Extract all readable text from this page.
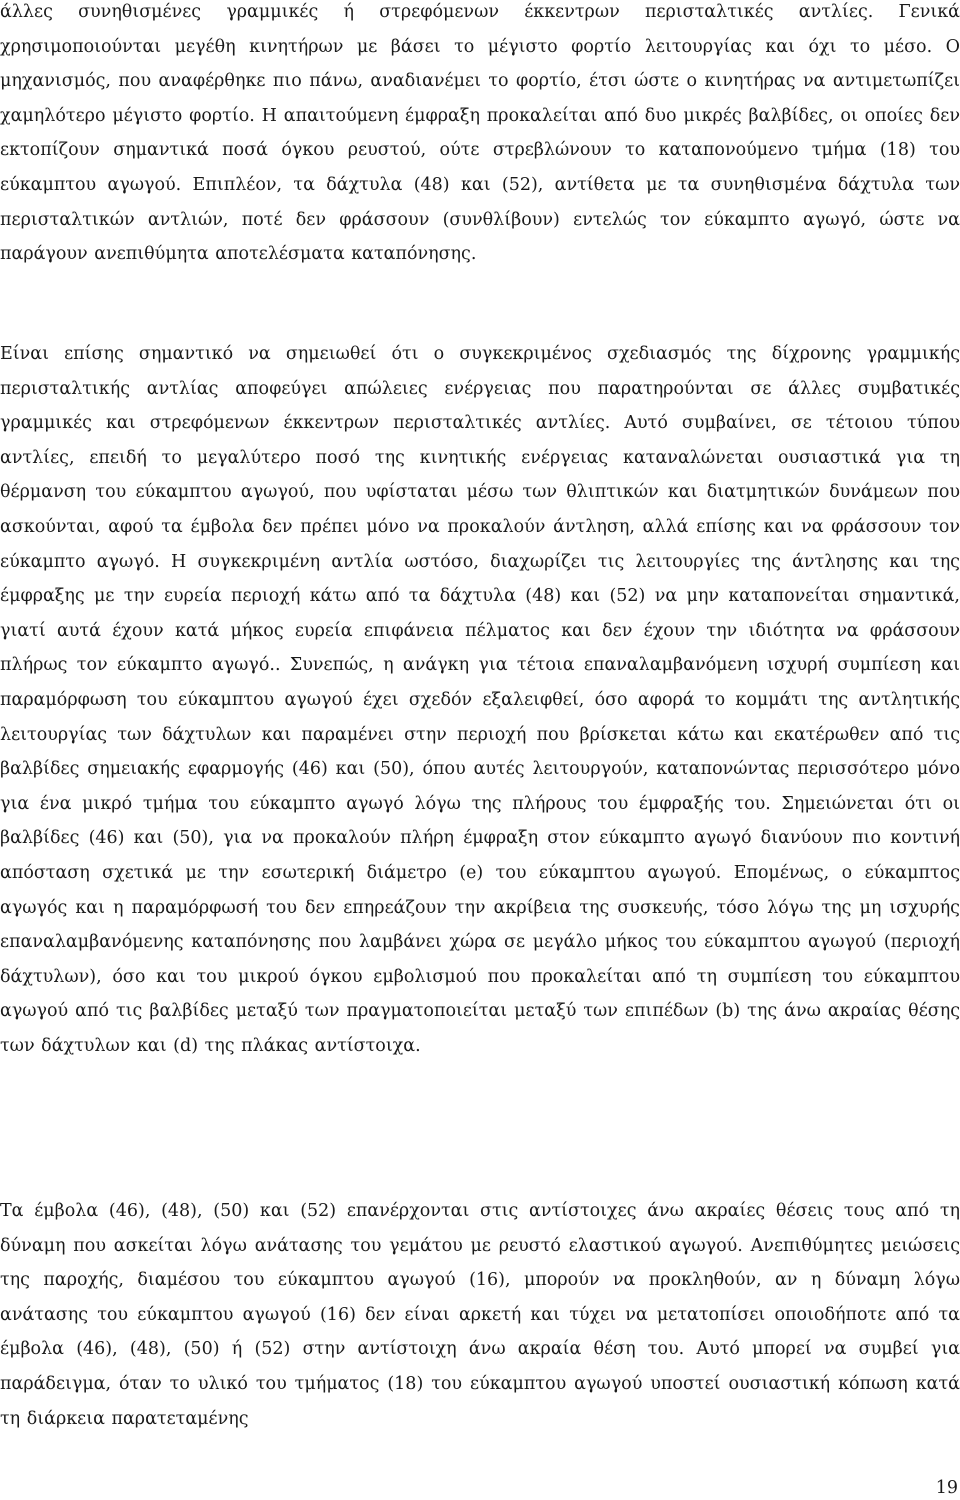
άλλες συνηθισμένες γραμμικές ή στρεφόμενων έκκεντρων περισταλτικές αντλίες. Γενικά χρησιμοποιούνται μεγέθη κινητήρων με βάσει το μέγιστο φορτίο λειτουργίας και όχι το μέσο. Ο μηχανισμός, που αναφέρθηκε πιο πάνω, αναδιανέμει το φορτίο, έτσι ώστε ο κινητήρας να αντιμετωπίζει χαμηλότερο μέγιστο φορτίο. Η απαιτούμενη έμφραξη προκαλείται από δυο μικρές βαλβίδες, οι οποίες δεν εκτοπίζουν σημαντικά ποσά όγκου ρευστού, ούτε στρεβλώνουν το καταπονούμενο τμήμα (18) του εύκαμπτου αγωγού. Επιπλέον, τα δάχτυλα (48) και (52), αντίθετα με τα συνηθισμένα δάχτυλα των περισταλτικών αντλιών, ποτέ δεν φράσσουν (συνθλίβουν) εντελώς τον εύκαμπτο αγωγό, ώστε να παράγουν ανεπιθύμητα αποτελέσματα καταπόνησης.

Είναι επίσης σημαντικό να σημειωθεί ότι ο συγκεκριμένος σχεδιασμός της δίχρονης γραμμικής περισταλτικής αντλίας αποφεύγει απώλειες ενέργειας που παρατηρούνται σε άλλες συμβατικές γραμμικές και στρεφόμενων έκκεντρων περισταλτικές αντλίες. Αυτό συμβαίνει, σε τέτοιου τύπου αντλίες, επειδή το μεγαλύτερο ποσό της κινητικής ενέργειας καταναλώνεται ουσιαστικά για τη θέρμανση του εύκαμπτου αγωγού, που υφίσταται μέσω των θλιπτικών και διατμητικών δυνάμεων που ασκούνται, αφού τα έμβολα δεν πρέπει μόνο να προκαλούν άντληση, αλλά επίσης και να φράσσουν τον εύκαμπτο αγωγό. Η συγκεκριμένη αντλία ωστόσο, διαχωρίζει τις λειτουργίες της άντλησης και της έμφραξης με την ευρεία περιοχή κάτω από τα δάχτυλα (48) και (52) να μην καταπονείται σημαντικά, γιατί αυτά έχουν κατά μήκος ευρεία επιφάνεια πέλματος και δεν έχουν την ιδιότητα να φράσσουν πλήρως τον εύκαμπτο αγωγό.. Συνεπώς, η ανάγκη για τέτοια επαναλαμβανόμενη ισχυρή συμπίεση και παραμόρφωση του εύκαμπτου αγωγού έχει σχεδόν εξαλειφθεί, όσο αφορά το κομμάτι της αντλητικής λειτουργίας των δάχτυλων και παραμένει στην περιοχή που βρίσκεται κάτω και εκατέρωθεν από τις βαλβίδες σημειακής εφαρμογής (46) και (50), όπου αυτές λειτουργούν, καταπονώντας περισσότερο μόνο για ένα μικρό τμήμα του εύκαμπτο αγωγό λόγω της πλήρους του έμφραξής του. Σημειώνεται ότι οι βαλβίδες (46) και (50), για να προκαλούν πλήρη έμφραξη στον εύκαμπτο αγωγό διανύουν πιο κοντινή απόσταση σχετικά με την εσωτερική διάμετρο (e) του εύκαμπτου αγωγού. Επομένως, ο εύκαμπτος αγωγός και η παραμόρφωσή του δεν επηρεάζουν την ακρίβεια της συσκευής, τόσο λόγω της μη ισχυρής επαναλαμβανόμενης καταπόνησης που λαμβάνει χώρα σε μεγάλο μήκος του εύκαμπτου αγωγού (περιοχή δάχτυλων), όσο και του μικρού όγκου εμβολισμού που προκαλείται από τη συμπίεση του εύκαμπτου αγωγού από τις βαλβίδες μεταξύ των πραγματοποιείται μεταξύ των επιπέδων (b) της άνω ακραίας θέσης των δάχτυλων και (d) της πλάκας αντίστοιχα.

Τα έμβολα (46), (48), (50) και (52) επανέρχονται στις αντίστοιχες άνω ακραίες θέσεις τους από τη δύναμη που ασκείται λόγω ανάτασης του γεμάτου με ρευστό ελαστικού αγωγού. Ανεπιθύμητες μειώσεις της παροχής, διαμέσου του εύκαμπτου αγωγού (16), μπορούν να προκληθούν, αν η δύναμη λόγω ανάτασης του εύκαμπτου αγωγού (16) δεν είναι αρκετή και τύχει να μετατοπίσει οποιοδήποτε από τα έμβολα (46), (48), (50) ή (52) στην αντίστοιχη άνω ακραία θέση του. Αυτό μπορεί να συμβεί για παράδειγμα, όταν το υλικό του τμήματος (18) του εύκαμπτου αγωγού υποστεί ουσιαστική κόπωση κατά τη διάρκεια παρατεταμένης

19
